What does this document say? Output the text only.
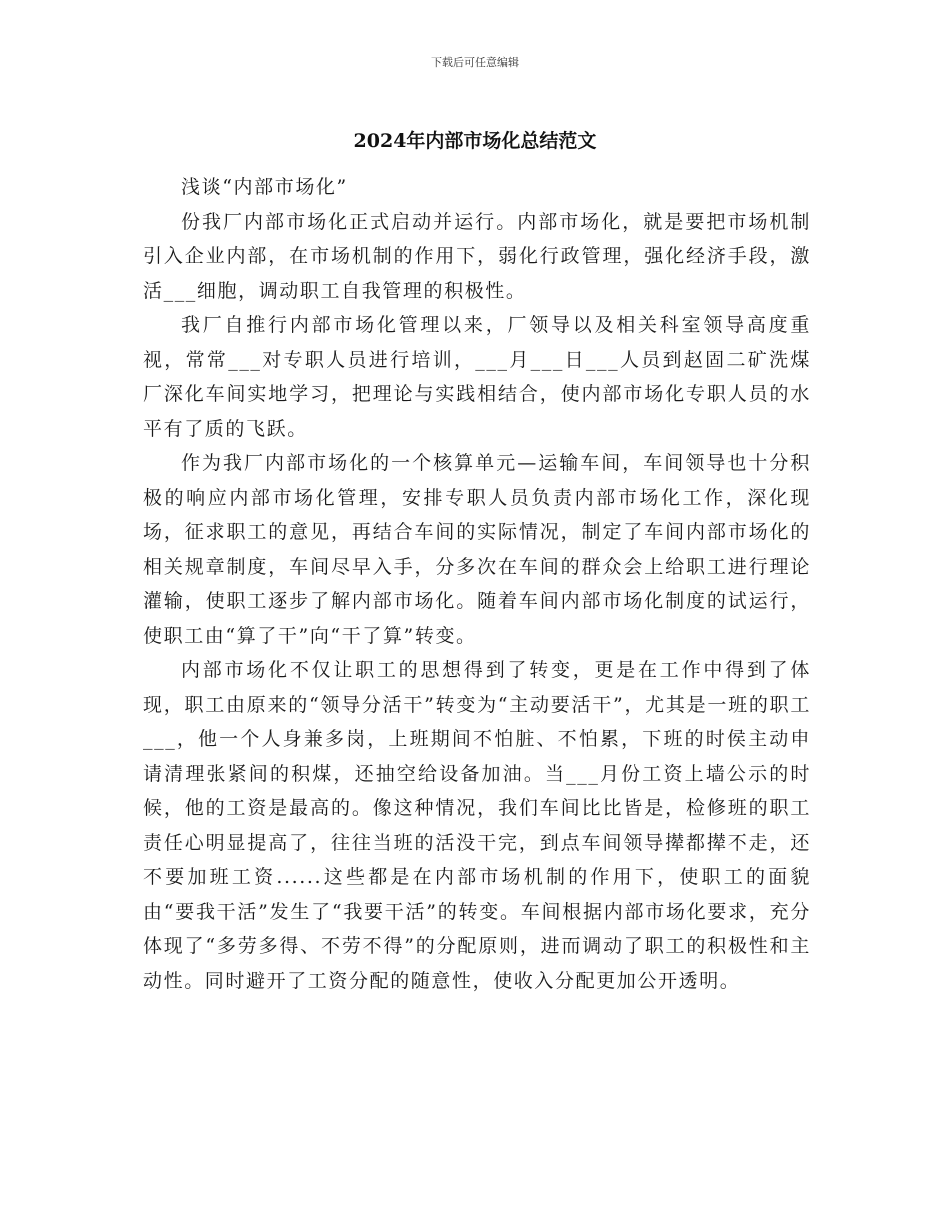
下载后可任意编辑
2024年内部市场化总结范文

浅谈“内部市场化”

份我厂内部市场化正式启动并运行。内部市场化，就是要把市场机制引入企业内部，在市场机制的作用下，弱化行政管理，强化经济手段，激活___细胞，调动职工自我管理的积极性。

我厂自推行内部市场化管理以来，厂领导以及相关科室领导高度重视，常常___对专职人员进行培训，___月___日___人员到赵固二矿洗煤厂深化车间实地学习，把理论与实践相结合，使内部市场化专职人员的水平有了质的飞跃。

作为我厂内部市场化的一个核算单元—运输车间，车间领导也十分积极的响应内部市场化管理，安排专职人员负责内部市场化工作，深化现场，征求职工的意见，再结合车间的实际情况，制定了车间内部市场化的相关规章制度，车间尽早入手，分多次在车间的群众会上给职工进行理论灌输，使职工逐步了解内部市场化。随着车间内部市场化制度的试运行，使职工由“算了干”向“干了算”转变。

内部市场化不仅让职工的思想得到了转变，更是在工作中得到了体现，职工由原来的“领导分活干”转变为“主动要活干”，尤其是一班的职工___，他一个人身兼多岗，上班期间不怕脏、不怕累，下班的时侯主动申请清理张紧间的积煤，还抽空给设备加油。当___月份工资上墙公示的时候，他的工资是最高的。像这种情况，我们车间比比皆是，检修班的职工责任心明显提高了，往往当班的活没干完，到点车间领导撵都撵不走，还不要加班工资......这些都是在内部市场机制的作用下，使职工的面貌由“要我干活”发生了“我要干活”的转变。车间根据内部市场化要求，充分体现了“多劳多得、不劳不得”的分配原则，进而调动了职工的积极性和主动性。同时避开了工资分配的随意性，使收入分配更加公开透明。
